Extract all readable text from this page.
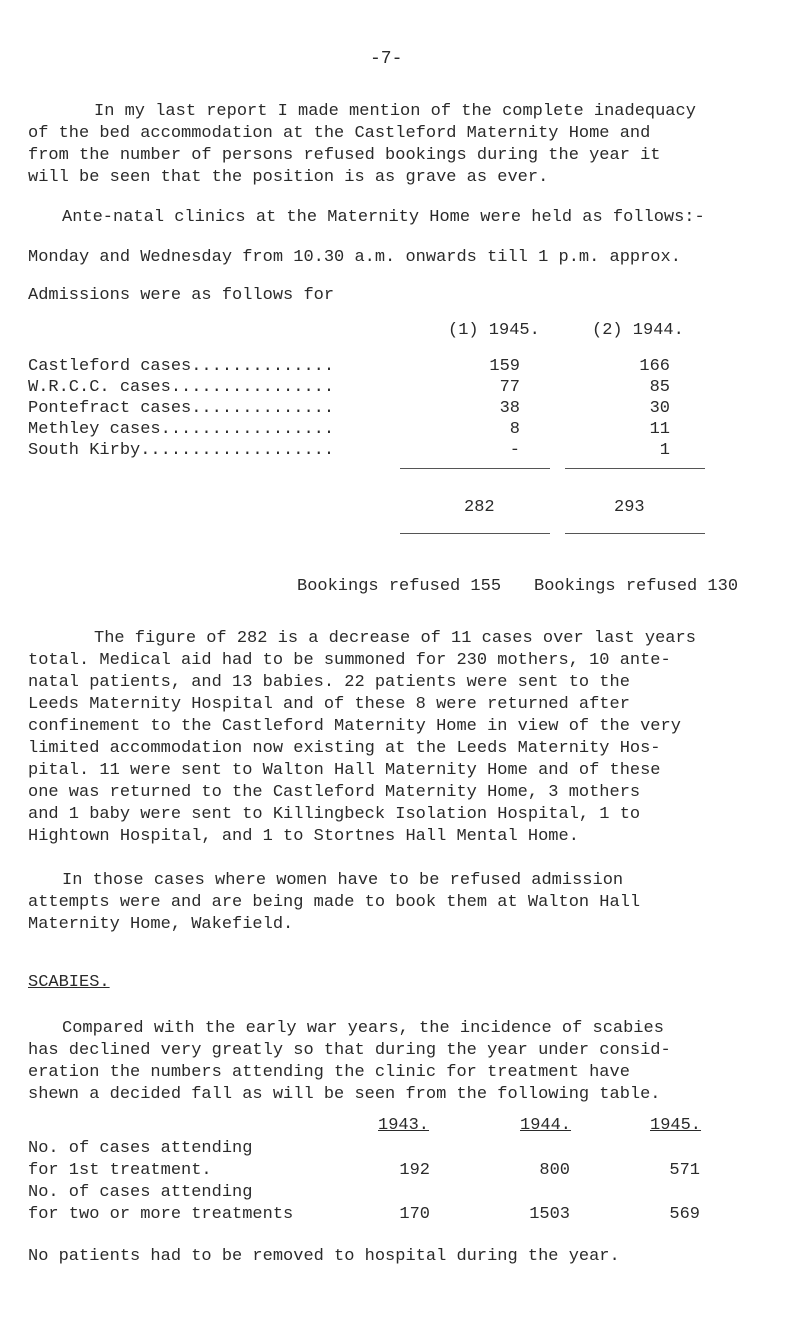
-7-
In my last report I made mention of the complete inadequacy
of the bed accommodation at the Castleford Maternity Home and
from the number of persons refused bookings during the year it
will be seen that the position is as grave as ever.
Ante-natal clinics at the Maternity Home were held as follows:-
Monday and Wednesday from 10.30 a.m. onwards till 1 p.m. approx.
Admissions were as follows for
(1) 1945.	(2) 1944.
Castleford cases..............	159	166
W.R.C.C. cases................	77	85
Pontefract cases..............	38	30
Methley cases.................	8	11
South Kirby...................	-	1
282	293
Bookings refused 155 Bookings refused 130
The figure of 282 is a decrease of 11 cases over last years
total. Medical aid had to be summoned for 230 mothers, 10 ante-
natal patients, and 13 babies. 22 patients were sent to the
Leeds Maternity Hospital and of these 8 were returned after
confinement to the Castleford Maternity Home in view of the very
limited accommodation now existing at the Leeds Maternity Hos-
pital. 11 were sent to Walton Hall Maternity Home and of these
one was returned to the Castleford Maternity Home, 3 mothers
and 1 baby were sent to Killingbeck Isolation Hospital, 1 to
Hightown Hospital, and 1 to Stortnes Hall Mental Home.
In those cases where women have to be refused admission
attempts were and are being made to book them at Walton Hall
Maternity Home, Wakefield.
SCABIES.
Compared with the early war years, the incidence of scabies
has declined very greatly so that during the year under consid-
eration the numbers attending the clinic for treatment have
shewn a decided fall as will be seen from the following table.
1943.	1944.	1945.
No. of cases attending
for 1st treatment.	192	800	571
No. of cases attending
for two or more treatments	170	1503	569
No patients had to be removed to hospital during the year.
